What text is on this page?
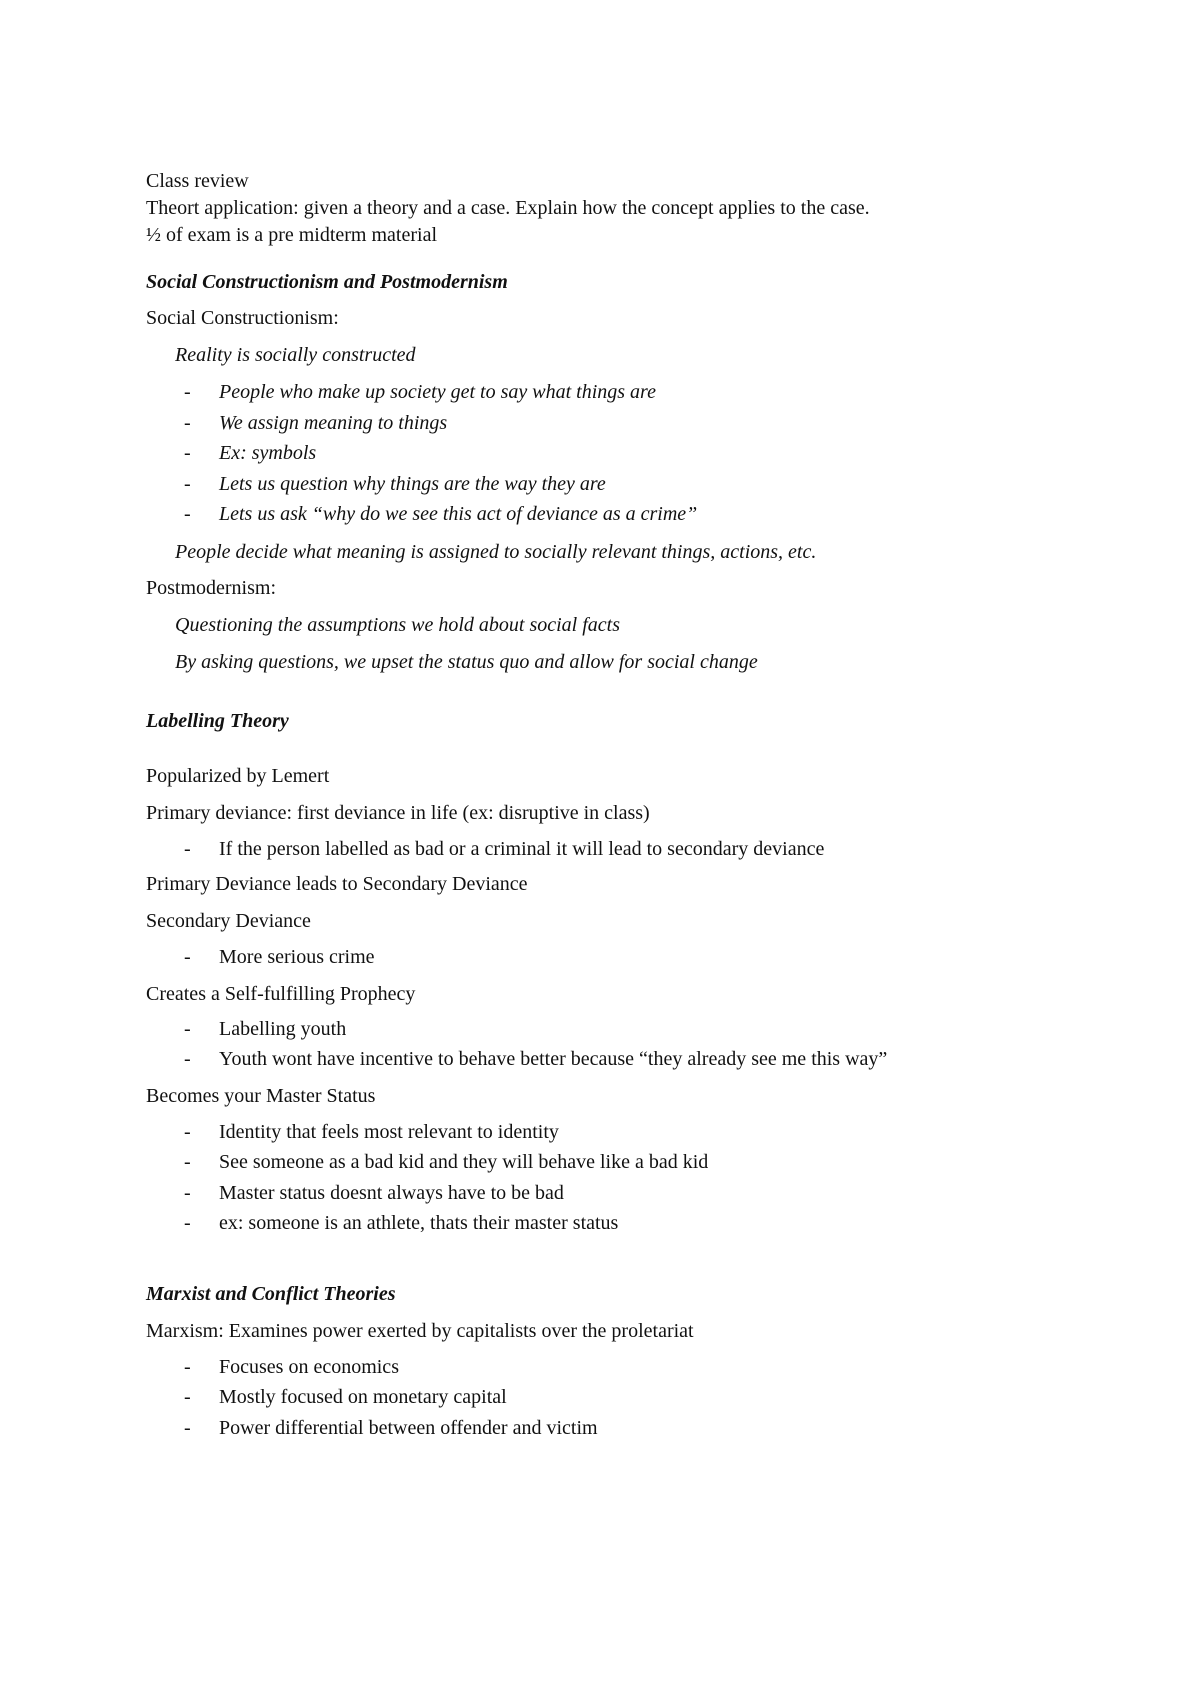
Class review
Theort application: given a theory and a case. Explain how the concept applies to the case.
½ of exam is a pre midterm material
Social Constructionism and Postmodernism
Social Constructionism:
Reality is socially constructed
- People who make up society get to say what things are
- We assign meaning to things
- Ex: symbols
- Lets us question why things are the way they are
- Lets us ask “why do we see this act of deviance as a crime”
People decide what meaning is assigned to socially relevant things, actions, etc.
Postmodernism:
Questioning the assumptions we hold about social facts
By asking questions, we upset the status quo and allow for social change
Labelling Theory
Popularized by Lemert
Primary deviance: first deviance in life (ex: disruptive in class)
- If the person labelled as bad or a criminal it will lead to secondary deviance
Primary Deviance leads to Secondary Deviance
Secondary Deviance
- More serious crime
Creates a Self-fulfilling Prophecy
- Labelling youth
- Youth wont have incentive to behave better because “they already see me this way”
Becomes your Master Status
- Identity that feels most relevant to identity
- See someone as a bad kid and they will behave like a bad kid
- Master status doesnt always have to be bad
- ex: someone is an athlete, thats their master status
Marxist and Conflict Theories
Marxism: Examines power exerted by capitalists over the proletariat
- Focuses on economics
- Mostly focused on monetary capital
- Power differential between offender and victim
